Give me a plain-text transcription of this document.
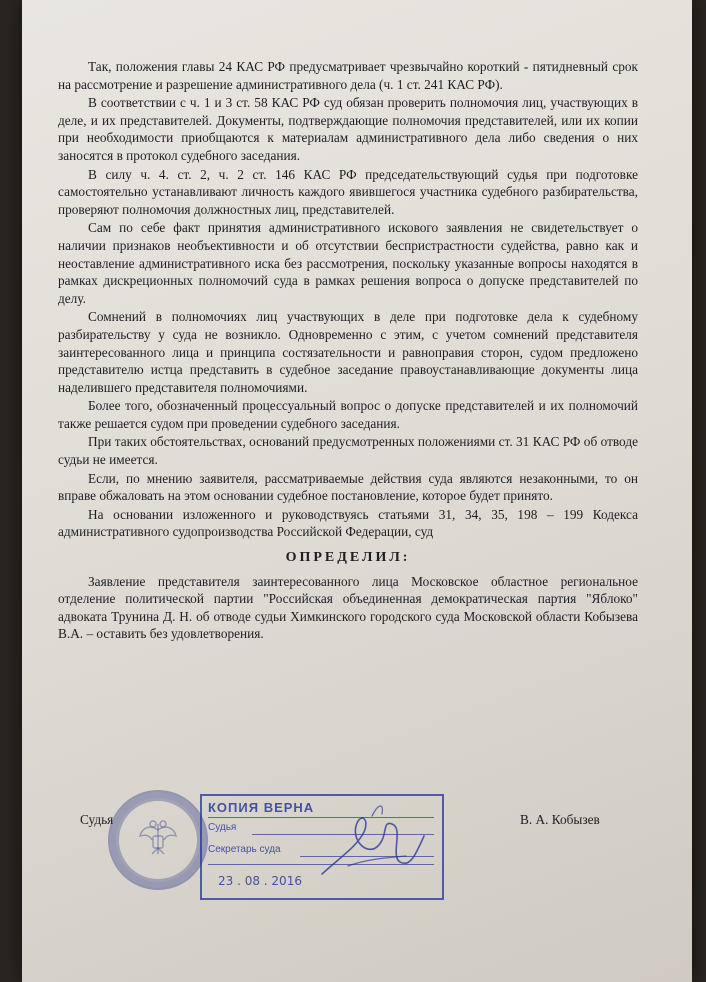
ᅟ

Так, положения главы 24 КАС РФ предусматривает чрезвычайно короткий - пятидневный срок на рассмотрение и разрешение административного дела (ч. 1 ст. 241 КАС РФ).

В соответствии с ч. 1 и 3 ст. 58 КАС РФ суд обязан проверить полномочия лиц, участвующих в деле, и их представителей. Документы, подтверждающие полномочия представителей, или их копии при необходимости приобщаются к материалам административного дела либо сведения о них заносятся в протокол судебного заседания.

В силу ч. 4. ст. 2, ч. 2 ст. 146 КАС РФ председательствующий судья при подготовке самостоятельно устанавливают личность каждого явившегося участника судебного разбирательства, проверяют полномочия должностных лиц, представителей.

Сам по себе факт принятия административного искового заявления не свидетельствует о наличии признаков необъективности и об отсутствии беспристрастности судейства, равно как и неоставление административного иска без рассмотрения, поскольку указанные вопросы находятся в рамках дискреционных полномочий суда в рамках решения вопроса о допуске представителей по делу.

Сомнений в полномочиях лиц участвующих в деле при подготовке дела к судебному разбирательству у суда не возникло. Одновременно с этим, с учетом сомнений представителя заинтересованного лица и принципа состязательности и равноправия сторон, судом предложено представителю истца представить в судебное заседание правоустанавливающие документы лица наделившего представителя полномочиями.

Более того, обозначенный процессуальный вопрос о допуске представителей и их полномочий также решается судом при проведении судебного заседания.

При таких обстоятельствах, оснований предусмотренных положениями ст. 31 КАС РФ об отводе судьи не имеется.

Если, по мнению заявителя, рассматриваемые действия суда являются незаконными, то он вправе обжаловать на этом основании судебное постановление, которое будет принято.

На основании изложенного и руководствуясь статьями 31, 34, 35, 198 – 199 Кодекса административного судопроизводства Российской Федерации, суд

ОПРЕДЕЛИЛ:

Заявление представителя заинтересованного лица Московское областное региональное отделение политической партии "Российская объединенная демократическая партия "Яблоко" адвоката Трунина Д. Н. об отводе судьи Химкинского городского суда Московской области Кобызева В.А. – оставить без удовлетворения.

Судья
КОПИЯ ВЕРНА
Судья
Секретарь суда
23 . 08 . 2016
В. А. Кобызев
